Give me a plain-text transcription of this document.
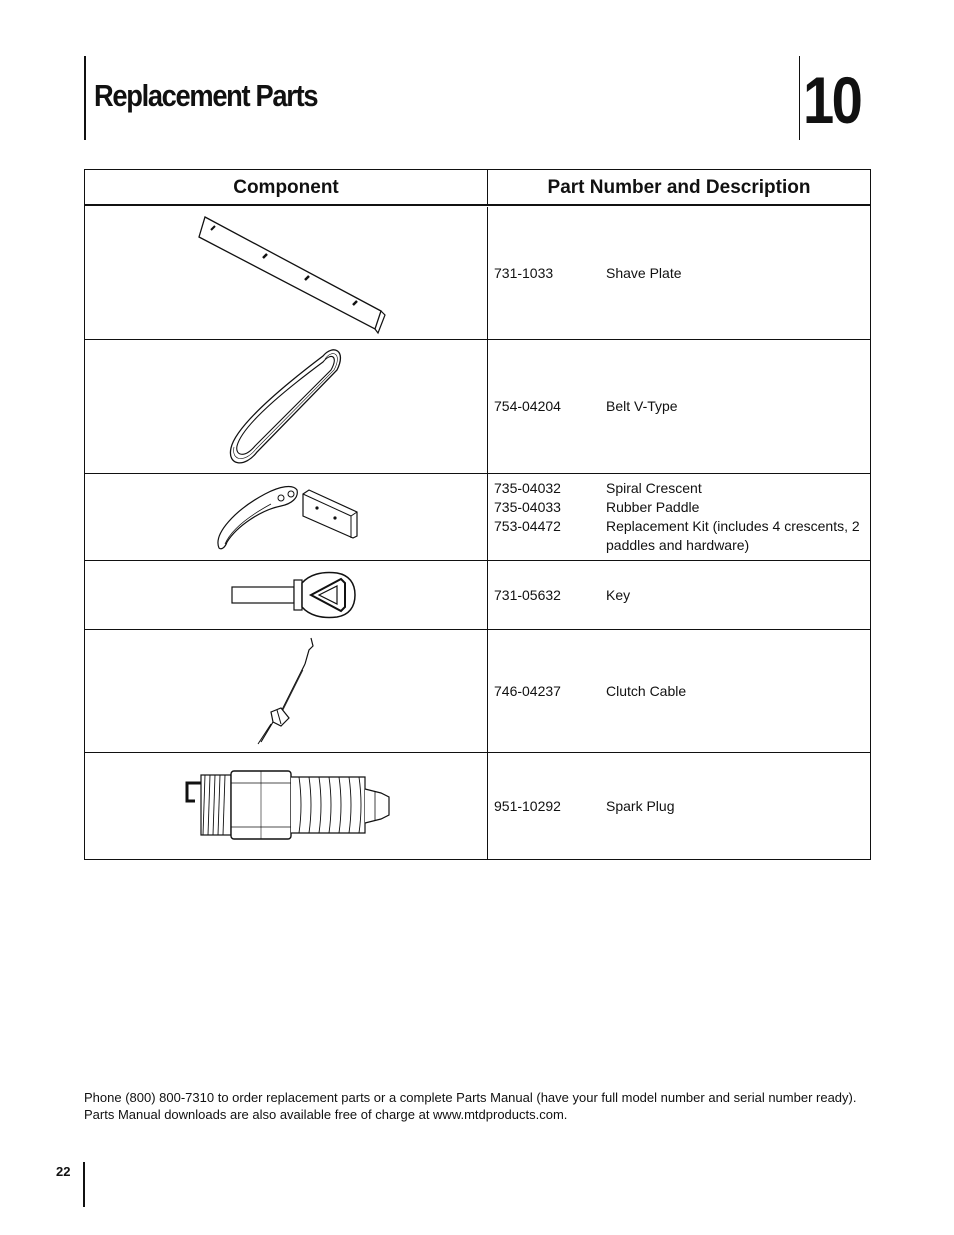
Replacement Parts	10
Component	Part Number and Description
731-1033	Shave Plate
754-04204	Belt V-Type
735-04032	Spiral Crescent
735-04033	Rubber Paddle
753-04472	Replacement Kit (includes 4 crescents, 2 paddles and hardware)
731-05632	Key
746-04237	Clutch Cable
951-10292	Spark Plug

Phone (800) 800-7310 to order replacement parts or a complete Parts Manual (have your full model number and serial number ready).

Parts Manual downloads are also available free of charge at www.mtdproducts.com.

22
